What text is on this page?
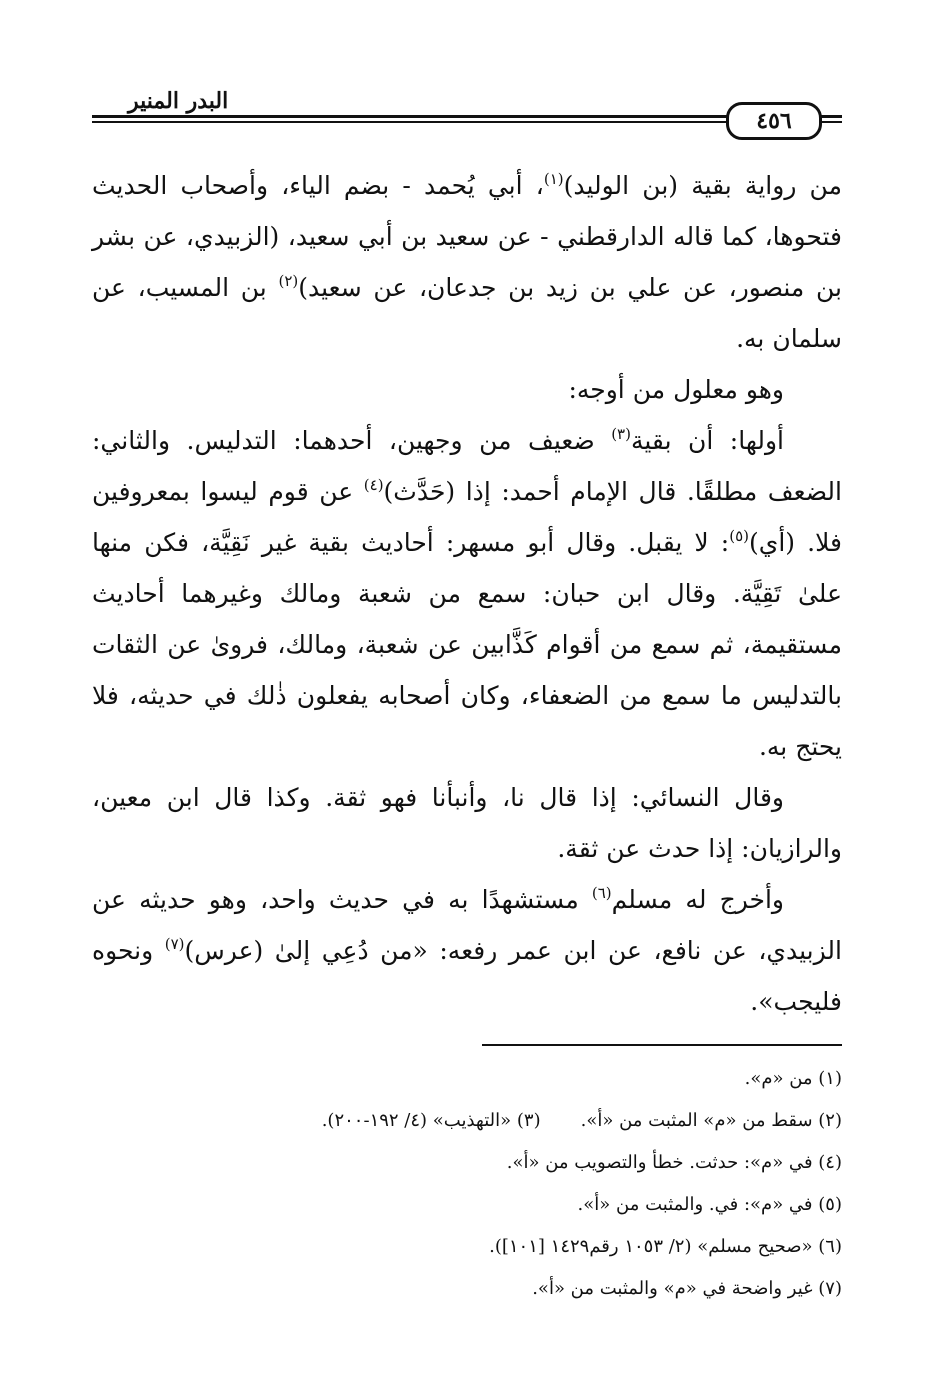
البدر المنير
٤٥٦

من رواية بقية (بن الوليد)$^{(١)}$، أبي يُحمد - بضم الياء، وأصحاب الحديث فتحوها، كما قاله الدارقطني - عن سعيد بن أبي سعيد، (الزبيدي، عن بشر بن منصور، عن علي بن زيد بن جدعان، عن سعيد)$^{(٢)}$ بن المسيب، عن سلمان به.

وهو معلول من أوجه:

أولها: أن بقية$^{(٣)}$ ضعيف من وجهين، أحدهما: التدليس. والثاني: الضعف مطلقًا. قال الإمام أحمد: إذا (حَدَّث)$^{(٤)}$ عن قوم ليسوا بمعروفين فلا. (أي)$^{(٥)}$: لا يقبل. وقال أبو مسهر: أحاديث بقية غير نَقِيَّة، فكن منها علىٰ تَقِيَّة. وقال ابن حبان: سمع من شعبة ومالك وغيرهما أحاديث مستقيمة، ثم سمع من أقوام كَذَّابين عن شعبة، ومالك، فروىٰ عن الثقات بالتدليس ما سمع من الضعفاء، وكان أصحابه يفعلون ذٰلك في حديثه، فلا يحتج به.

وقال النسائي: إذا قال نا، وأنبأنا فهو ثقة. وكذا قال ابن معين، والرازيان: إذا حدث عن ثقة.

وأخرج له مسلم$^{(٦)}$ مستشهدًا به في حديث واحد، وهو حديثه عن الزبيدي، عن نافع، عن ابن عمر رفعه: «من دُعِي إلىٰ (عرس)$^{(٧)}$ ونحوه فليجب».

(١) من «م».
(٢) سقط من «م» المثبت من «أ».
(٣) «التهذيب» (٤/ ١٩٢-٢٠٠).
(٤) في «م»: حدثت. خطأ والتصويب من «أ».
(٥) في «م»: في. والمثبت من «أ».
(٦) «صحيح مسلم» (٢/ ١٠٥٣ رقم١٤٢٩ [١٠١]).
(٧) غير واضحة في «م» والمثبت من «أ».
